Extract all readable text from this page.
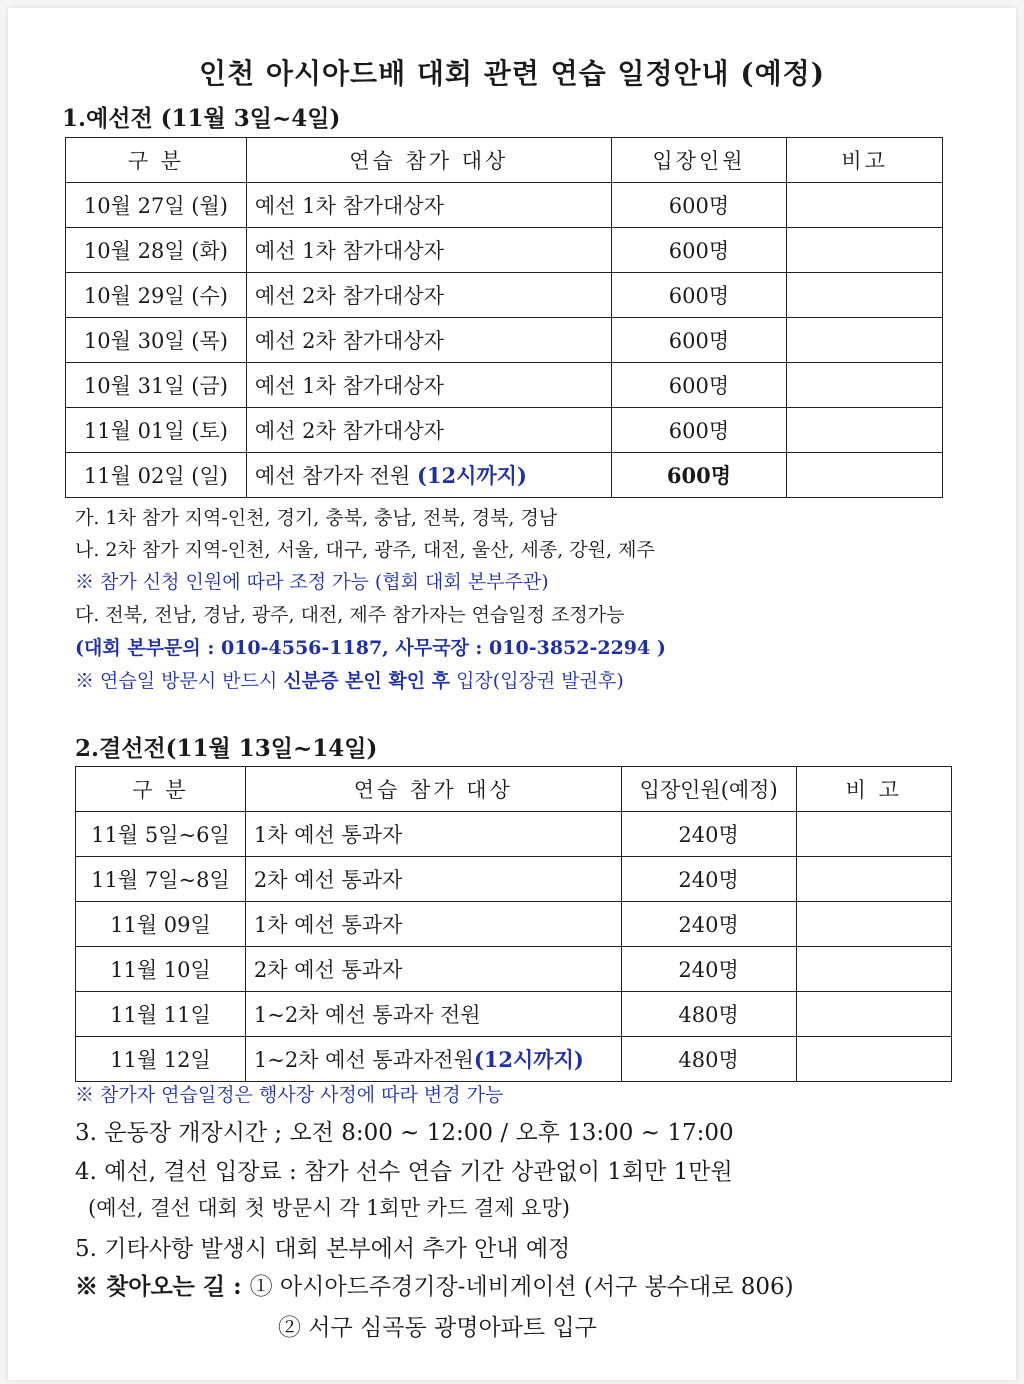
인천 아시아드배 대회 관련 연습 일정안내 (예정)
1.예선전 (11월 3일~4일)
구 분	연습 참가 대상	입장인원	비고
10월 27일 (월)	예선 1차 참가대상자	600명	
10월 28일 (화)	예선 1차 참가대상자	600명	
10월 29일 (수)	예선 2차 참가대상자	600명	
10월 30일 (목)	예선 2차 참가대상자	600명	
10월 31일 (금)	예선 1차 참가대상자	600명	
11월 01일 (토)	예선 2차 참가대상자	600명	
11월 02일 (일)	예선 참가자 전원 (12시까지)	600명	
가. 1차 참가 지역-인천, 경기, 충북, 충남, 전북, 경북, 경남
나. 2차 참가 지역-인천, 서울, 대구, 광주, 대전, 울산, 세종, 강원, 제주
※ 참가 신청 인원에 따라 조정 가능 (협회 대회 본부주관)
다. 전북, 전남, 경남, 광주, 대전, 제주 참가자는 연습일정 조정가능
(대회 본부문의 : 010-4556-1187, 사무국장 : 010-3852-2294 )
※ 연습일 방문시 반드시 신분증 본인 확인 후 입장(입장권 발권후)
2.결선전(11월 13일~14일)
구 분	연습 참가 대상	입장인원(예정)	비 고
11월 5일~6일	1차 예선 통과자	240명	
11월 7일~8일	2차 예선 통과자	240명	
11월 09일	1차 예선 통과자	240명	
11월 10일	2차 예선 통과자	240명	
11월 11일	1~2차 예선 통과자 전원	480명	
11월 12일	1~2차 예선 통과자전원(12시까지)	480명	
※ 참가자 연습일정은 행사장 사정에 따라 변경 가능
3. 운동장 개장시간 ; 오전 8:00 ~ 12:00 / 오후 13:00 ~ 17:00
4. 예선, 결선 입장료 : 참가 선수 연습 기간 상관없이 1회만 1만원
(예선, 결선 대회 첫 방문시 각 1회만 카드 결제 요망)
5. 기타사항 발생시 대회 본부에서 추가 안내 예정
※ 찾아오는 길 : ① 아시아드주경기장-네비게이션 (서구 봉수대로 806)
② 서구 심곡동 광명아파트 입구
